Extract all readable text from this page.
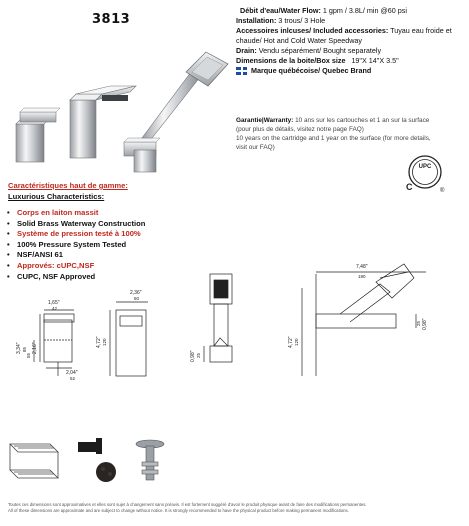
3813
Débit d'eau/Water Flow: 1 gpm / 3.8L/ min @60 psi
Installation: 3 trous/ 3 Hole
Accessoires inlcuses/ Included accessories: Tuyau eau froide et chaude/ Hot and Cold Water Speedway
Drain: Vendu séparément/ Bought separately
Dimensions de la boite/Box size 19"X 14"X 3.5"
Marque québécoise/ Quebec Brand
Garantie|Warranty: 10 ans sur les cartouches et 1 an sur la surface (pour plus de détails, visitez notre page FAQ)
10 years on the cartridge and 1 year on the surface (for more details, visit our FAQ)
UPC
C	®
Caractéristiques haut de gamme:
Luxurious Characteristics:
• Corps en laiton massit
• Solid Brass Waterway Construction
• Système de pression testé à 100%
• 100% Pressure System Tested
• NSF/ANSI 61
• Approvés: cUPC,NSF
• CUPC, NSF Approved
1,65"
42
3,34" 85
55
2,16"
2,04"
52
2,36"
60
4,72" 120
0,98" 25
7,48"
190
4,72" 120
0,98"
25
Toutes ces dimensions sont approximatives et elles sont sujet à changement sans préavis. Il est fortement suggéré d'avoir le produit physique avant de faire des modifications permanentes.
All of these dimensions are approximate and are subject to change without notice. It is strongly recommended to have the physical product before making permanent modifications.
